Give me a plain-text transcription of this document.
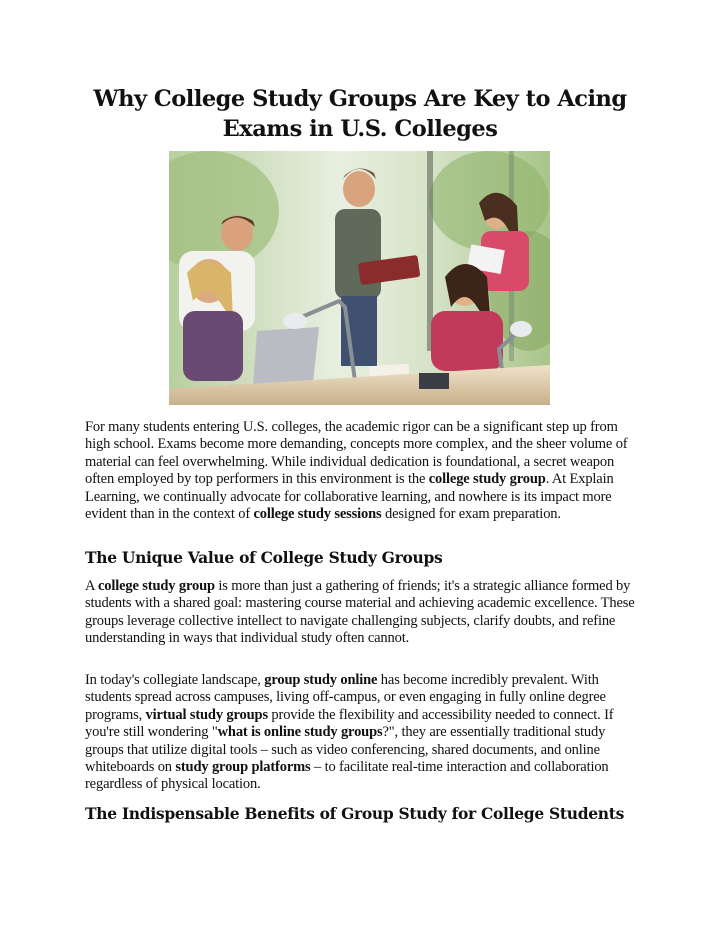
Why College Study Groups Are Key to Acing Exams in U.S. Colleges

For many students entering U.S. colleges, the academic rigor can be a significant step up from high school. Exams become more demanding, concepts more complex, and the sheer volume of material can feel overwhelming. While individual dedication is foundational, a secret weapon often employed by top performers in this environment is the college study group. At Explain Learning, we continually advocate for collaborative learning, and nowhere is its impact more evident than in the context of college study sessions designed for exam preparation.

The Unique Value of College Study Groups

A college study group is more than just a gathering of friends; it's a strategic alliance formed by students with a shared goal: mastering course material and achieving academic excellence. These groups leverage collective intellect to navigate challenging subjects, clarify doubts, and refine understanding in ways that individual study often cannot.

In today's collegiate landscape, group study online has become incredibly prevalent. With students spread across campuses, living off-campus, or even engaging in fully online degree programs, virtual study groups provide the flexibility and accessibility needed to connect. If you're still wondering "what is online study groups?", they are essentially traditional study groups that utilize digital tools – such as video conferencing, shared documents, and online whiteboards on study group platforms – to facilitate real-time interaction and collaboration regardless of physical location.

The Indispensable Benefits of Group Study for College Students
